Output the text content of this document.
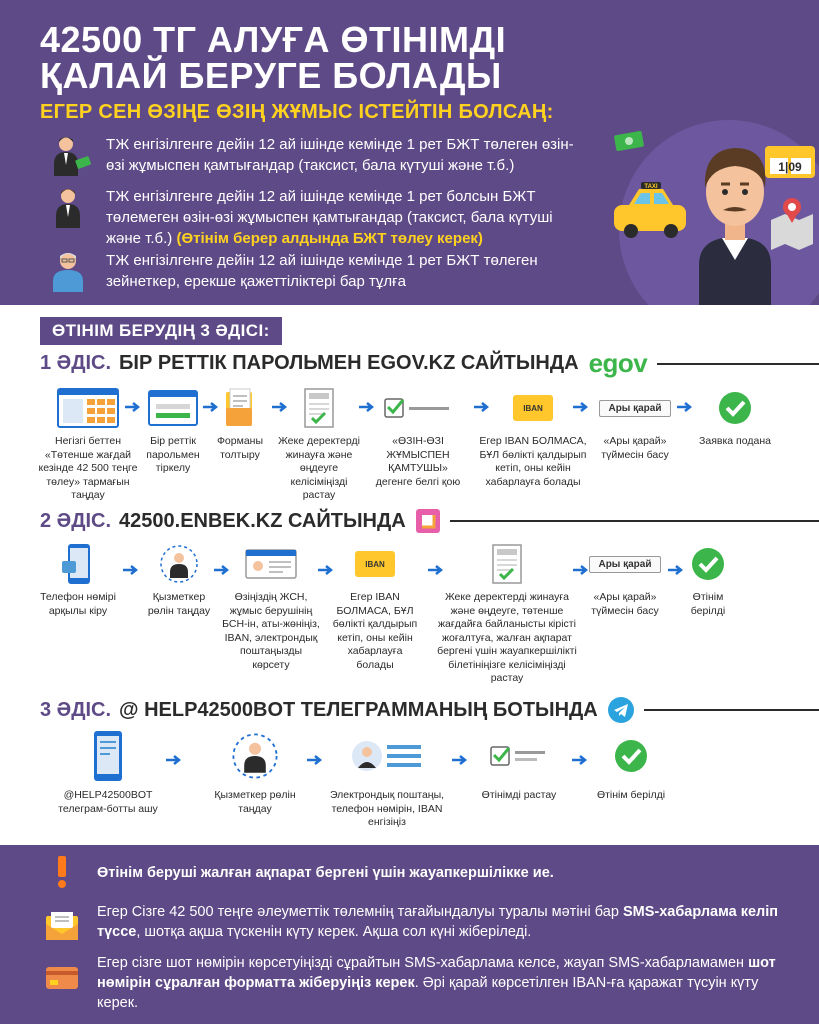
42500 ТГ АЛУҒА ӨТІНІМДІ
ҚАЛАЙ БЕРУГЕ БОЛАДЫ
ЕГЕР СЕН ӨЗІҢЕ ӨЗІҢ ЖҰМЫС ІСТЕЙТІН БОЛСАҢ:
ТЖ енгізілгенге дейін 12 ай ішінде кемінде 1 рет БЖТ төлеген өзін-өзі жұмыспен қамтығандар (таксист, бала күтуші және т.б.)
ТЖ енгізілгенге дейін 12 ай ішінде кемінде 1 рет болсын БЖТ төлемеген өзін-өзі жұмыспен қамтығандар (таксист, бала күтуші және т.б.) (Өтінім берер алдында БЖТ төлеу керек)
ТЖ енгізілгенге дейін 12 ай ішінде кемінде 1 рет БЖТ төлеген зейнеткер, ерекше қажеттіліктері бар тұлға
TAXI
1|09
ӨТІНІМ БЕРУДІҢ 3 ӘДІСІ:
1 ӘДІС. БІР РЕТТІК ПАРОЛЬМЕН EGOV.KZ САЙТЫНДА egov
Негізгі беттен «Төтенше жағдай кезінде 42 500 теңге төлеу» тармағын таңдау
Бір реттік парольмен тіркелу
Форманы толтыру
Жеке деректерді жинауға және өңдеуге келісіміңізді растау
«ӨЗІН-ӨЗІ ЖҰМЫСПЕН ҚАМТУШЫ» дегенге белгі қою
IBAN
Егер IBAN БОЛМАСА, БҰЛ бөлікті қалдырып кетіп, оны кейін хабарлауға болады
Ары қарай
«Ары қарай» түймесін басу
Заявка подана
2 ӘДІС. 42500.ENBEK.KZ САЙТЫНДА
Телефон нөмірі арқылы кіру
Қызметкер рөлін таңдау
Өзіңіздің ЖСН, жұмыс берушінің БСН-ін, аты-жөніңіз, IBAN, электрондық поштаңызды көрсету
IBAN
Егер IBAN БОЛМАСА, БҰЛ бөлікті қалдырып кетіп, оны кейін хабарлауға болады
Жеке деректерді жинауға және өңдеуге, төтенше жағдайға байланысты кірісті жоғалтуға, жалған ақпарат бергені үшін жауапкершілікті білетініңізге келісіміңізді растау
Ары қарай
«Ары қарай» түймесін басу
Өтінім берілді
3 ӘДІС. @ HELP42500BOT ТЕЛЕГРАММАНЫҢ БОТЫНДА
@HELP42500BOT телеграм-ботты ашу
Қызметкер рөлін таңдау
Электрондық поштаңы, телефон нөмірін, IBAN енгізіңіз
Өтінімді растау	Өтінім берілді
Өтінім беруші жалған ақпарат бергені үшін жауапкершілікке ие.
Егер Сізге 42 500 теңге әлеуметтік төлемнің тағайындалуы туралы мәтіні бар SMS-хабарлама келіп түссе, шотқа ақша түскенін күту керек. Ақша сол күні жіберіледі.
Егер сізге шот нөмірін көрсетуіңізді сұрайтын SMS-хабарлама келсе, жауап SMS-хабарламамен шот нөмірін сұралған форматта жіберуіңіз керек. Әрі қарай көрсетілген IBAN-ға қаражат түсуін күту керек.
